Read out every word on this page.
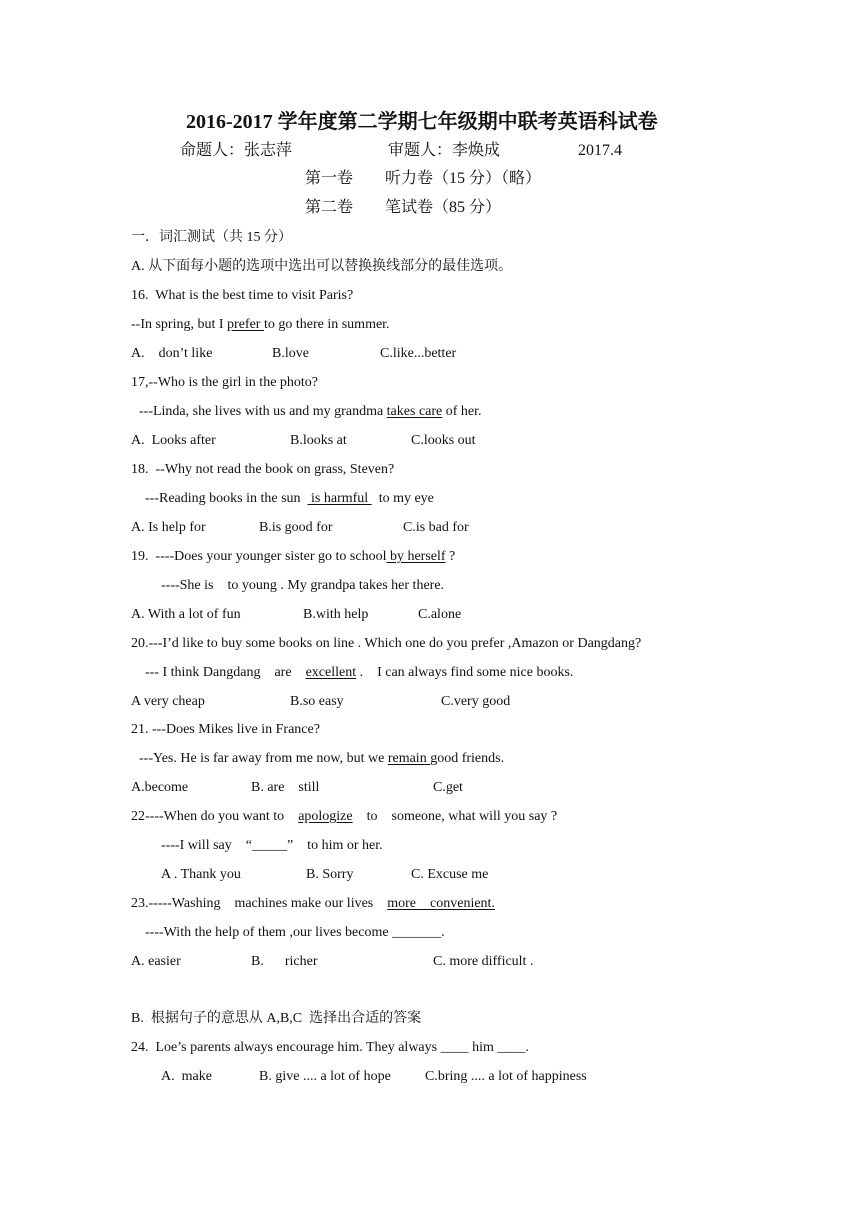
2016-2017 学年度第二学期七年级期中联考英语科试卷
命题人：张志萍	审题人：李焕成	2017.4
第一卷　　听力卷（15 分）（略）
第二卷　　笔试卷（85 分）
一．词汇测试（共 15 分）
A. 从下面每小题的选项中选出可以替换换线部分的最佳选项。
16.  What is the best time to visit Paris?
--In spring, but I prefer to go there in summer.
A.    don’t like	B.love	C.like...better
17,--Who is the girl in the photo?
---Linda, she lives with us and my grandma takes care of her.
A.  Looks after	B.looks at	C.looks out
18.  --Why not read the book on grass, Steven?
---Reading books in the sun   is harmful   to my eye
A. Is help for	B.is good for	C.is bad for
19.  ----Does your younger sister go to school by herself ?
----She is    to young . My grandpa takes her there.
A. With a lot of fun	B.with help	C.alone
20.---I’d like to buy some books on line . Which one do you prefer ,Amazon or Dangdang?
--- I think Dangdang    are    excellent .    I can always find some nice books.
A very cheap	B.so easy	C.very good
21. ---Does Mikes live in France?
---Yes. He is far away from me now, but we remain good friends.
A.become	B. are    still	C.get
22----When do you want to    apologize    to    someone, what will you say ?
----I will say    “_____”    to him or her.
A . Thank you	B. Sorry	C. Excuse me
23.-----Washing    machines make our lives    more    convenient.
----With the help of them ,our lives become _______.
A. easier	B.      richer	C. more difficult .
B.  根据句子的意思从 A,B,C  选择出合适的答案
24.  Loe’s parents always encourage him. They always ____ him ____.
A.  make	B. give .... a lot of hope C.bring .... a lot of happiness
